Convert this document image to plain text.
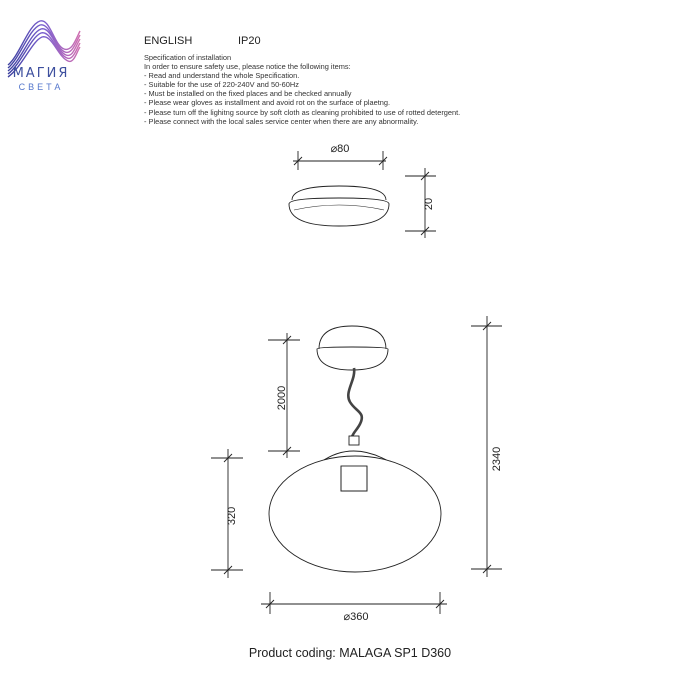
МАГИЯ
СВЕТА
ENGLISH	IP20
Specification of installation
In order to ensure safety use, please notice the following items:
- Read and understand the whole Specification.
- Suitable for the use of 220-240V and 50-60Hz
- Must be installed on the fixed places and be checked annually
- Please wear gloves as installment and avoid rot on the surface of plaetng.
- Please turn off the lighitng source by soft cloth as cleaning prohibited to use of rotted detergent.
- Please connect with the local sales service center when there are any abnormality.
⌀80
20
2000
320
2340
⌀360
Product coding: MALAGA SP1 D360
